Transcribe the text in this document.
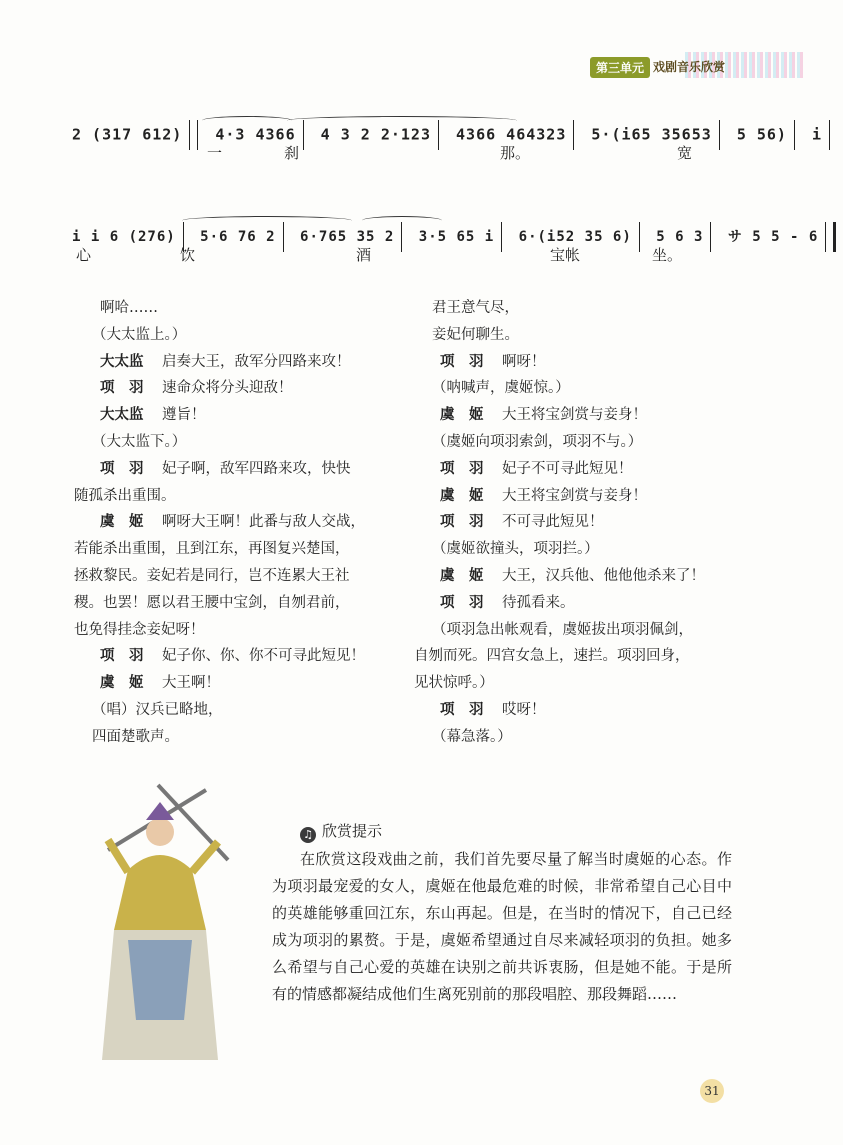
第三单元 戏剧音乐欣赏
2 (317 612) 4·3 4366 4 3 2 2·123 4366 464323 5·(i65 35653 5 56) i
一	刹	那。	宽
i i 6 (276) 5·6 76 2 6·765 35 2 3·5 65 i 6·(i52 35 6) 5 6 3 サ 5 5 - 6
心	饮	酒	宝帐	坐。
啊哈……
（大太监上。）
大太监 启奏大王，敌军分四路来攻！
项　羽 速命众将分头迎敌！
大太监 遵旨！
（大太监下。）
项　羽 妃子啊，敌军四路来攻，快快
随孤杀出重围。
虞　姬 啊呀大王啊！此番与敌人交战，
若能杀出重围，且到江东，再图复兴楚国，
拯救黎民。妾妃若是同行，岂不连累大王社
稷。也罢！愿以君王腰中宝剑，自刎君前，
也免得挂念妾妃呀！
项　羽 妃子你、你、你不可寻此短见！
虞　姬 大王啊！
（唱）汉兵已略地，
四面楚歌声。
君王意气尽，
妾妃何聊生。
项　羽 啊呀！
（呐喊声，虞姬惊。）
虞　姬 大王将宝剑赏与妾身！
（虞姬向项羽索剑，项羽不与。）
项　羽 妃子不可寻此短见！
虞　姬 大王将宝剑赏与妾身！
项　羽 不可寻此短见！
（虞姬欲撞头，项羽拦。）
虞　姬 大王，汉兵他、他他他杀来了！
项　羽 待孤看来。
（项羽急出帐观看，虞姬拔出项羽佩剑，
自刎而死。四宫女急上，速拦。项羽回身，
见状惊呼。）
项　羽 哎呀！
（幕急落。）
♫ 欣赏提示

在欣赏这段戏曲之前，我们首先要尽量了解当时虞姬的心态。作为项羽最宠爱的女人，虞姬在他最危难的时候，非常希望自己心目中的英雄能够重回江东，东山再起。但是，在当时的情况下，自己已经成为项羽的累赘。于是，虞姬希望通过自尽来减轻项羽的负担。她多么希望与自己心爱的英雄在诀别之前共诉衷肠，但是她不能。于是所有的情感都凝结成他们生离死别前的那段唱腔、那段舞蹈……

31
